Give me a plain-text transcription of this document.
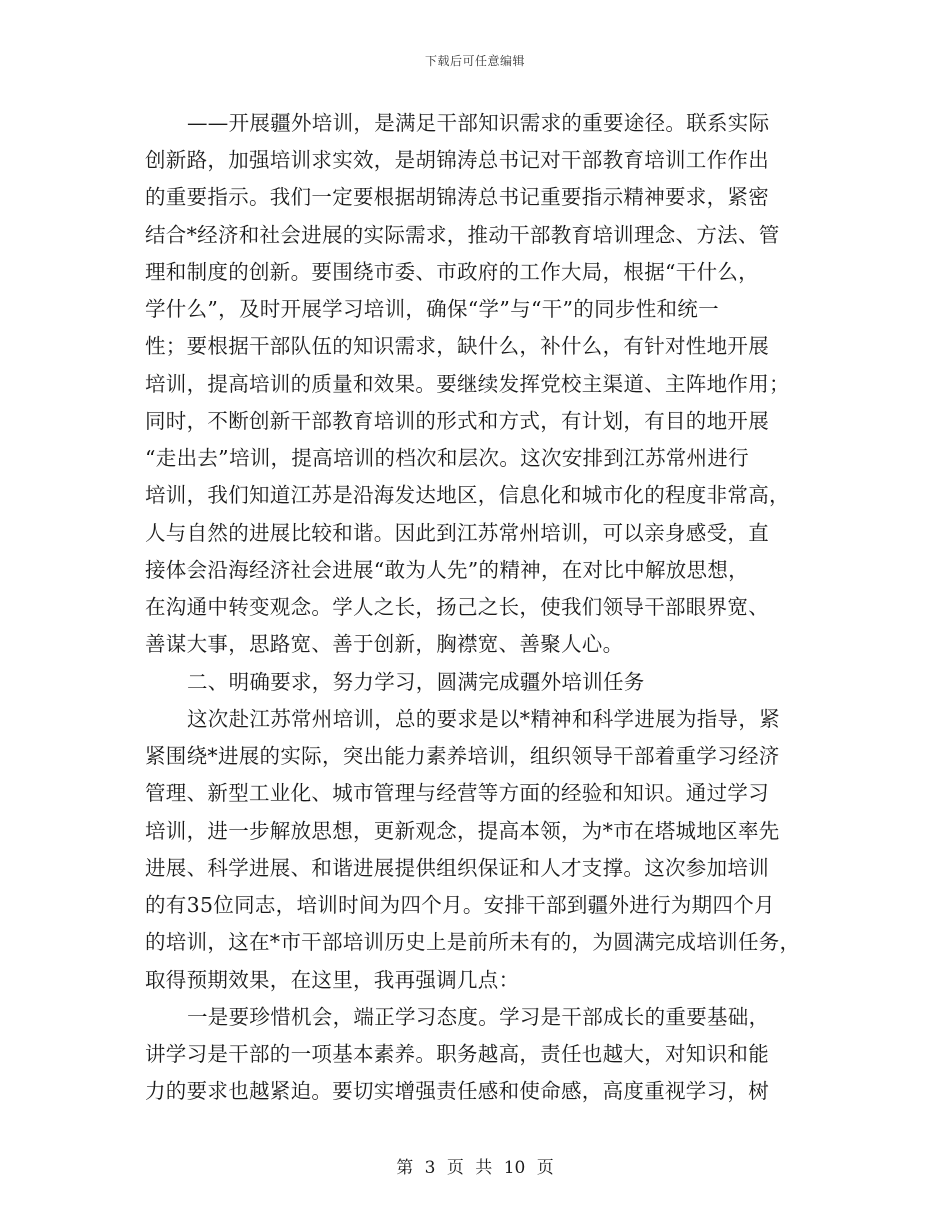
下载后可任意编辑
——开展疆外培训，是满足干部知识需求的重要途径。联系实际
创新路，加强培训求实效，是胡锦涛总书记对干部教育培训工作作出
的重要指示。我们一定要根据胡锦涛总书记重要指示精神要求，紧密
结合*经济和社会进展的实际需求，推动干部教育培训理念、方法、管
理和制度的创新。要围绕市委、市政府的工作大局，根据“干什么，
学什么”，及时开展学习培训，确保“学”与“干”的同步性和统一
性；要根据干部队伍的知识需求，缺什么，补什么，有针对性地开展
培训，提高培训的质量和效果。要继续发挥党校主渠道、主阵地作用；
同时，不断创新干部教育培训的形式和方式，有计划，有目的地开展
“走出去”培训，提高培训的档次和层次。这次安排到江苏常州进行
培训，我们知道江苏是沿海发达地区，信息化和城市化的程度非常高，
人与自然的进展比较和谐。因此到江苏常州培训，可以亲身感受，直
接体会沿海经济社会进展“敢为人先”的精神，在对比中解放思想，
在沟通中转变观念。学人之长，扬己之长，使我们领导干部眼界宽、
善谋大事，思路宽、善于创新，胸襟宽、善聚人心。
二、明确要求，努力学习，圆满完成疆外培训任务
这次赴江苏常州培训，总的要求是以*精神和科学进展为指导，紧
紧围绕*进展的实际，突出能力素养培训，组织领导干部着重学习经济
管理、新型工业化、城市管理与经营等方面的经验和知识。通过学习
培训，进一步解放思想，更新观念，提高本领，为*市在塔城地区率先
进展、科学进展、和谐进展提供组织保证和人才支撑。这次参加培训
的有35位同志，培训时间为四个月。安排干部到疆外进行为期四个月
的培训，这在*市干部培训历史上是前所未有的，为圆满完成培训任务，
取得预期效果，在这里，我再强调几点：
一是要珍惜机会，端正学习态度。学习是干部成长的重要基础，
讲学习是干部的一项基本素养。职务越高，责任也越大，对知识和能
力的要求也越紧迫。要切实增强责任感和使命感，高度重视学习，树
第 3 页 共 10 页
